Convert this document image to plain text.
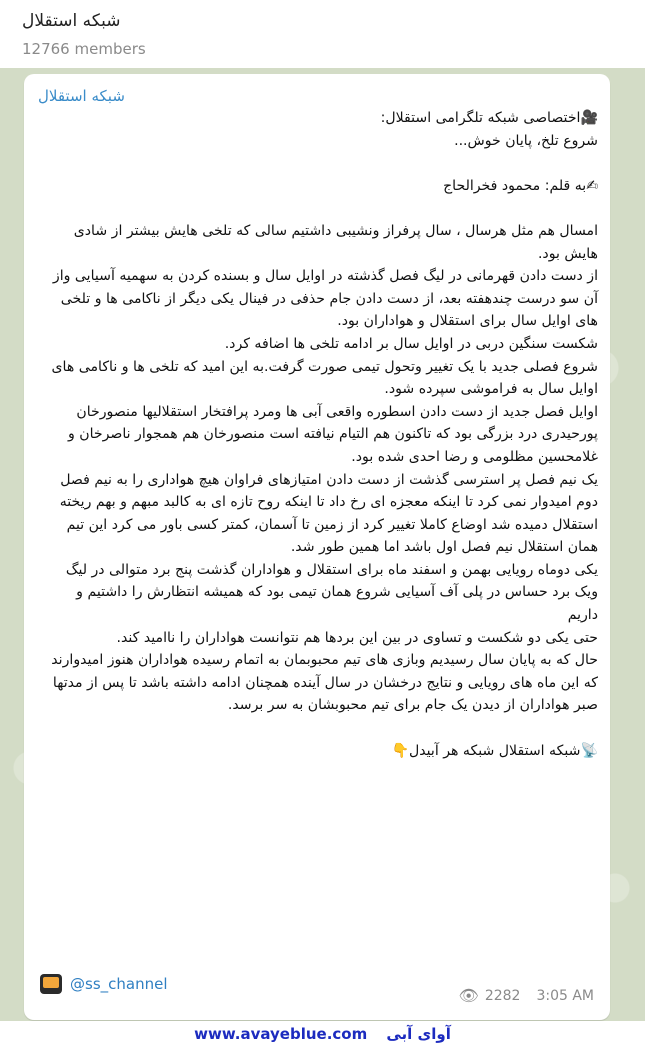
شبکه استقلال
12766 members
شبکه استقلال

🎥اختصاصی شبکه تلگرامی استقلال:

شروع تلخ، پایان خوش...

✍به قلم: محمود فخرالحاج

امسال هم مثل هرسال ، سال پرفراز ونشیبی داشتیم سالی که تلخی هایش بیشتر از شادی هایش بود.

از دست دادن قهرمانی در لیگ فصل گذشته در اوایل سال و بسنده کردن به سهمیه آسیایی واز آن سو درست چندهفته بعد، از دست دادن جام حذفی در فینال یکی دیگر از ناکامی ها و تلخی های اوایل سال برای استقلال و هواداران بود.

شکست سنگین دربی در اوایل سال بر ادامه تلخی ها اضافه کرد.

شروع فصلی جدید با یک تغییر وتحول تیمی صورت گرفت.به این امید که تلخی ها و ناکامی های اوایل سال به فراموشی سپرده شود.

اوایل فصل جدید از دست دادن اسطوره واقعی آبی ها ومرد پرافتخار استقلالیها منصورخان پورحیدری درد بزرگی بود که تاکنون هم التیام نیافته است منصورخان هم همجوار ناصرخان و غلامحسین مظلومی و رضا احدی شده بود.

یک نیم فصل پر استرسی گذشت از دست دادن امتیازهای فراوان هیچ هواداری را به نیم فصل دوم امیدوار نمی کرد تا اینکه معجزه ای رخ داد تا اینکه روح تازه ای به کالبد مبهم و بهم ریخته استقلال دمیده شد اوضاع کاملا تغییر کرد از زمین تا آسمان، کمتر کسی باور می کرد این تیم همان استقلال نیم فصل اول باشد اما همین طور شد.

یکی دوماه رویایی بهمن و اسفند ماه برای استقلال و هواداران گذشت پنج برد متوالی در لیگ ویک برد حساس در پلی آف آسیایی شروع همان تیمی بود که همیشه انتظارش را داشتیم و داریم

حتی یکی دو شکست و تساوی در بین این بردها هم نتوانست هواداران را ناامید کند.

حال که به پایان سال رسیدیم وبازی های تیم محبوبمان به اتمام رسیده هواداران هنوز امیدوارند که این ماه های رویایی و نتایج درخشان در سال آینده همچنان ادامه داشته باشد تا پس از مدتها صبر هواداران از دیدن یک جام برای تیم محبوبشان به سر برسد.

📡شبکه استقلال شبکه هر آبیدل👇

@ss_channel
👁 2282 3:05 AM
www.avayeblue.com آوای آبی
